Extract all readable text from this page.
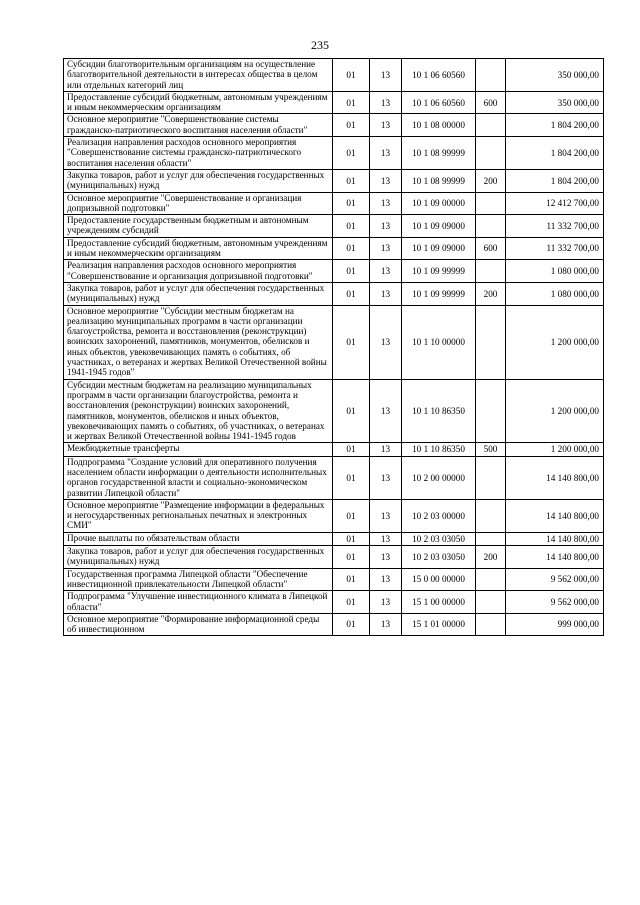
235
Субсидии благотворительным организациям на осуществление благотворительной деятельности в интересах общества в целом или отдельных категорий лиц	01	13	10 1 06 60560		350 000,00
Предоставление субсидий бюджетным, автономным учреждениям и иным некоммерческим организациям	01	13	10 1 06 60560	600	350 000,00
Основное мероприятие "Совершенствование системы гражданско-патриотического воспитания населения области"	01	13	10 1 08 00000		1 804 200,00
Реализация направления расходов основного мероприятия "Совершенствование системы гражданско-патриотического воспитания населения области"	01	13	10 1 08 99999		1 804 200,00
Закупка товаров, работ и услуг для обеспечения государственных (муниципальных) нужд	01	13	10 1 08 99999	200	1 804 200,00
Основное мероприятие "Совершенствование и организация допризывной подготовки"	01	13	10 1 09 00000		12 412 700,00
Предоставление государственным бюджетным и автономным учреждениям субсидий	01	13	10 1 09 09000		11 332 700,00
Предоставление субсидий бюджетным, автономным учреждениям и иным некоммерческим организациям	01	13	10 1 09 09000	600	11 332 700,00
Реализация направления расходов основного мероприятия "Совершенствование и организация допризывной подготовки"	01	13	10 1 09 99999		1 080 000,00
Закупка товаров, работ и услуг для обеспечения государственных (муниципальных) нужд	01	13	10 1 09 99999	200	1 080 000,00
Основное мероприятие "Субсидии местным бюджетам на реализацию муниципальных программ в части организации благоустройства, ремонта и восстановления (реконструкции) воинских захоронений, памятников, монументов, обелисков и иных объектов, увековечивающих память о событиях, об участниках, о ветеранах и жертвах Великой Отечественной войны 1941-1945 годов"	01	13	10 1 10 00000		1 200 000,00
Субсидии местным бюджетам на реализацию муниципальных программ в части организации благоустройства, ремонта и восстановления (реконструкции) воинских захоронений, памятников, монументов, обелисков и иных объектов, увековечивающих память о событиях, об участниках, о ветеранах и жертвах Великой Отечественной войны 1941-1945 годов	01	13	10 1 10 86350		1 200 000,00
Межбюджетные трансферты	01	13	10 1 10 86350	500	1 200 000,00
Подпрограмма "Создание условий для оперативного получения населением области информации о деятельности исполнительных органов государственной власти и социально-экономическом развитии Липецкой области"	01	13	10 2 00 00000		14 140 800,00
Основное мероприятие "Размещение информации в федеральных и негосударственных региональных печатных и электронных СМИ"	01	13	10 2 03 00000		14 140 800,00
Прочие выплаты по обязательствам области	01	13	10 2 03 03050		14 140 800,00
Закупка товаров, работ и услуг для обеспечения государственных (муниципальных) нужд	01	13	10 2 03 03050	200	14 140 800,00
Государственная программа Липецкой области "Обеспечение инвестиционной привлекательности Липецкой области"	01	13	15 0 00 00000		9 562 000,00
Подпрограмма "Улучшение инвестиционного климата в Липецкой области"	01	13	15 1 00 00000		9 562 000,00
Основное мероприятие "Формирование информационной среды об инвестиционном	01	13	15 1 01 00000		999 000,00
